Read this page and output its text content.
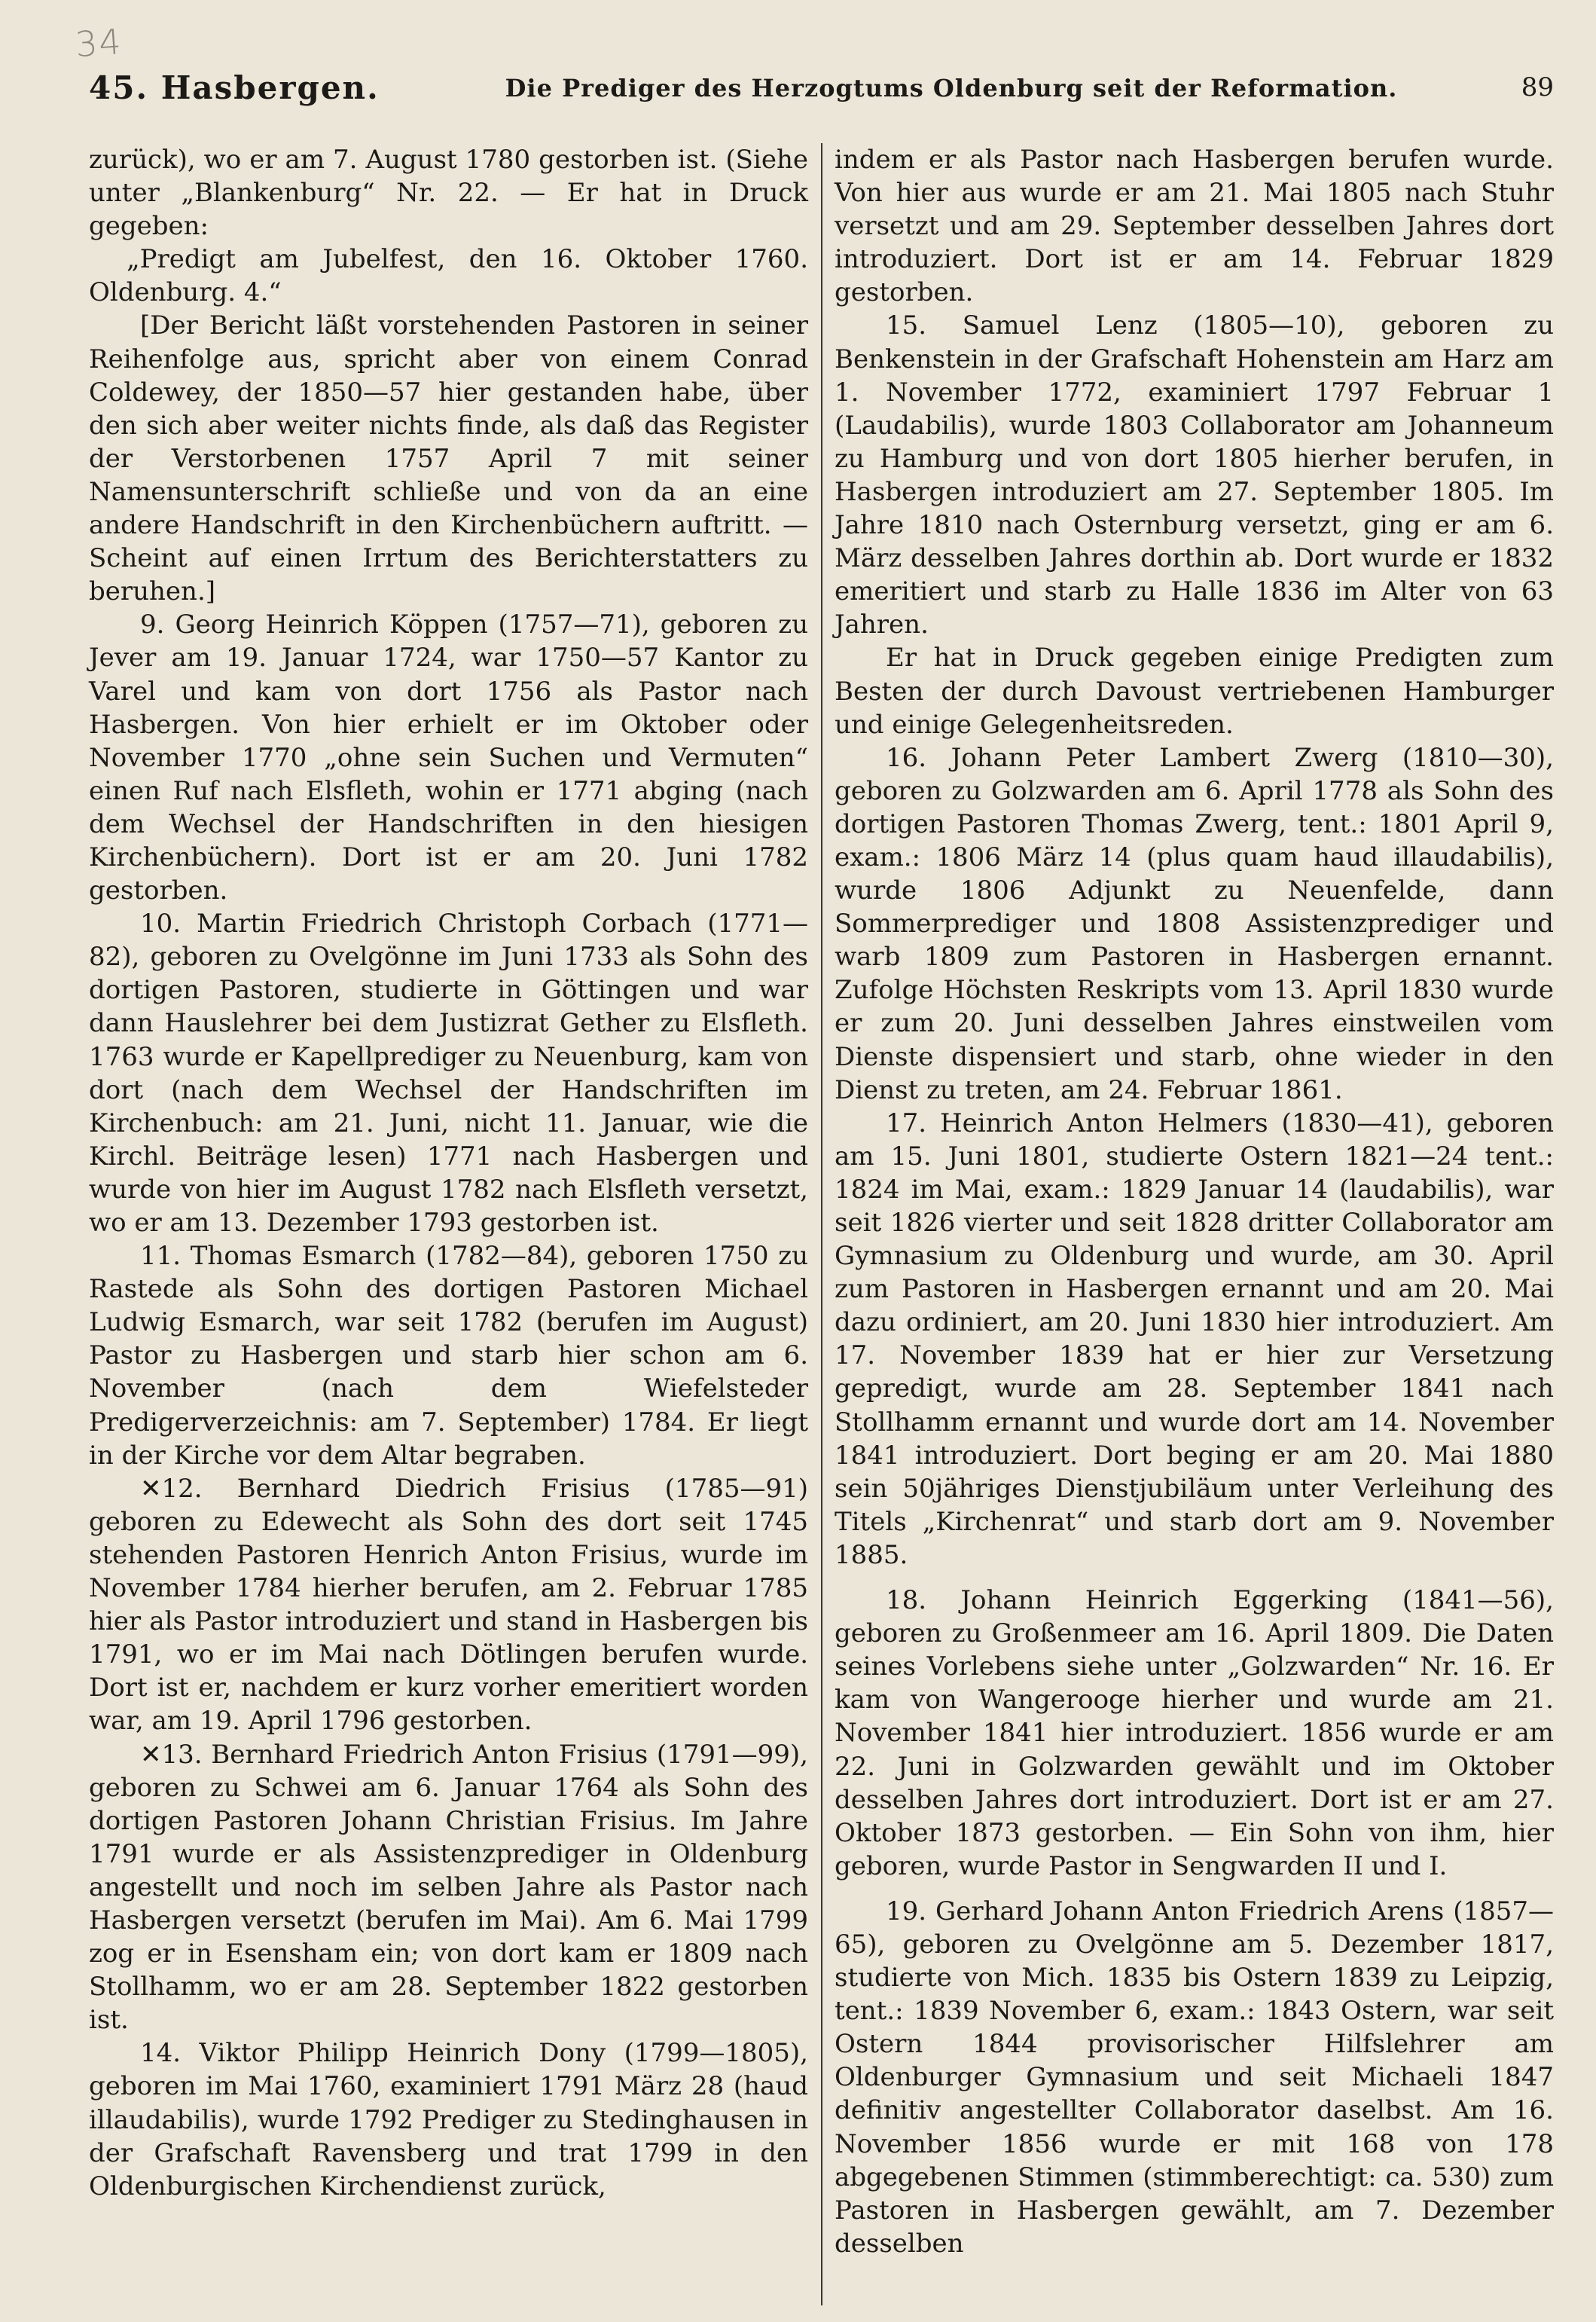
34
45. Hasbergen.	Die Prediger des Herzogtums Oldenburg seit der Reformation.	89

zurück), wo er am 7. August 1780 gestorben ist. (Siehe unter „Blankenburg“ Nr. 22. — Er hat in Druck gegeben:

„Predigt am Jubelfest, den 16. Oktober 1760. Oldenburg. 4.“

[Der Bericht läßt vorstehenden Pastoren in seiner Reihenfolge aus, spricht aber von einem Conrad Coldewey, der 1850—57 hier gestanden habe, über den sich aber weiter nichts finde, als daß das Register der Verstorbenen 1757 April 7 mit seiner Namensunterschrift schließe und von da an eine andere Handschrift in den Kirchenbüchern auftritt. — Scheint auf einen Irrtum des Berichterstatters zu beruhen.]

9. Georg Heinrich Köppen (1757—71), geboren zu Jever am 19. Januar 1724, war 1750—57 Kantor zu Varel und kam von dort 1756 als Pastor nach Hasbergen. Von hier erhielt er im Oktober oder November 1770 „ohne sein Suchen und Vermuten“ einen Ruf nach Elsfleth, wohin er 1771 abging (nach dem Wechsel der Handschriften in den hiesigen Kirchenbüchern). Dort ist er am 20. Juni 1782 gestorben.

10. Martin Friedrich Christoph Corbach (1771—82), geboren zu Ovelgönne im Juni 1733 als Sohn des dortigen Pastoren, studierte in Göttingen und war dann Hauslehrer bei dem Justizrat Gether zu Elsfleth. 1763 wurde er Kapellprediger zu Neuenburg, kam von dort (nach dem Wechsel der Handschriften im Kirchenbuch: am 21. Juni, nicht 11. Januar, wie die Kirchl. Beiträge lesen) 1771 nach Hasbergen und wurde von hier im August 1782 nach Elsfleth versetzt, wo er am 13. Dezember 1793 gestorben ist.

11. Thomas Esmarch (1782—84), geboren 1750 zu Rastede als Sohn des dortigen Pastoren Michael Ludwig Esmarch, war seit 1782 (berufen im August) Pastor zu Hasbergen und starb hier schon am 6. November (nach dem Wiefelsteder Predigerverzeichnis: am 7. September) 1784. Er liegt in der Kirche vor dem Altar begraben.

✕12. Bernhard Diedrich Frisius (1785—91) geboren zu Edewecht als Sohn des dort seit 1745 stehenden Pastoren Henrich Anton Frisius, wurde im November 1784 hierher berufen, am 2. Februar 1785 hier als Pastor introduziert und stand in Hasbergen bis 1791, wo er im Mai nach Dötlingen berufen wurde. Dort ist er, nachdem er kurz vorher emeritiert worden war, am 19. April 1796 gestorben.

✕13. Bernhard Friedrich Anton Frisius (1791—99), geboren zu Schwei am 6. Januar 1764 als Sohn des dortigen Pastoren Johann Christian Frisius. Im Jahre 1791 wurde er als Assistenzprediger in Oldenburg angestellt und noch im selben Jahre als Pastor nach Hasbergen versetzt (berufen im Mai). Am 6. Mai 1799 zog er in Esensham ein; von dort kam er 1809 nach Stollhamm, wo er am 28. September 1822 gestorben ist.

14. Viktor Philipp Heinrich Dony (1799—1805), geboren im Mai 1760, examiniert 1791 März 28 (haud illaudabilis), wurde 1792 Prediger zu Stedinghausen in der Grafschaft Ravensberg und trat 1799 in den Oldenburgischen Kirchendienst zurück,

indem er als Pastor nach Hasbergen berufen wurde. Von hier aus wurde er am 21. Mai 1805 nach Stuhr versetzt und am 29. September desselben Jahres dort introduziert. Dort ist er am 14. Februar 1829 gestorben.

15. Samuel Lenz (1805—10), geboren zu Benkenstein in der Grafschaft Hohenstein am Harz am 1. November 1772, examiniert 1797 Februar 1 (Laudabilis), wurde 1803 Collaborator am Johanneum zu Hamburg und von dort 1805 hierher berufen, in Hasbergen introduziert am 27. September 1805. Im Jahre 1810 nach Osternburg versetzt, ging er am 6. März desselben Jahres dorthin ab. Dort wurde er 1832 emeritiert und starb zu Halle 1836 im Alter von 63 Jahren.

Er hat in Druck gegeben einige Predigten zum Besten der durch Davoust vertriebenen Hamburger und einige Gelegenheitsreden.

16. Johann Peter Lambert Zwerg (1810—30), geboren zu Golzwarden am 6. April 1778 als Sohn des dortigen Pastoren Thomas Zwerg, tent.: 1801 April 9, exam.: 1806 März 14 (plus quam haud illaudabilis), wurde 1806 Adjunkt zu Neuenfelde, dann Sommerprediger und 1808 Assistenzprediger und warb 1809 zum Pastoren in Hasbergen ernannt. Zufolge Höchsten Reskripts vom 13. April 1830 wurde er zum 20. Juni desselben Jahres einstweilen vom Dienste dispensiert und starb, ohne wieder in den Dienst zu treten, am 24. Februar 1861.

17. Heinrich Anton Helmers (1830—41), geboren am 15. Juni 1801, studierte Ostern 1821—24 tent.: 1824 im Mai, exam.: 1829 Januar 14 (laudabilis), war seit 1826 vierter und seit 1828 dritter Collaborator am Gymnasium zu Oldenburg und wurde, am 30. April zum Pastoren in Hasbergen ernannt und am 20. Mai dazu ordiniert, am 20. Juni 1830 hier introduziert. Am 17. November 1839 hat er hier zur Versetzung gepredigt, wurde am 28. September 1841 nach Stollhamm ernannt und wurde dort am 14. November 1841 introduziert. Dort beging er am 20. Mai 1880 sein 50jähriges Dienstjubiläum unter Verleihung des Titels „Kirchenrat“ und starb dort am 9. November 1885.

18. Johann Heinrich Eggerking (1841—56), geboren zu Großenmeer am 16. April 1809. Die Daten seines Vorlebens siehe unter „Golzwarden“ Nr. 16. Er kam von Wangerooge hierher und wurde am 21. November 1841 hier introduziert. 1856 wurde er am 22. Juni in Golzwarden gewählt und im Oktober desselben Jahres dort introduziert. Dort ist er am 27. Oktober 1873 gestorben. — Ein Sohn von ihm, hier geboren, wurde Pastor in Sengwarden II und I.

19. Gerhard Johann Anton Friedrich Arens (1857—65), geboren zu Ovelgönne am 5. Dezember 1817, studierte von Mich. 1835 bis Ostern 1839 zu Leipzig, tent.: 1839 November 6, exam.: 1843 Ostern, war seit Ostern 1844 provisorischer Hilfslehrer am Oldenburger Gymnasium und seit Michaeli 1847 definitiv angestellter Collaborator daselbst. Am 16. November 1856 wurde er mit 168 von 178 abgegebenen Stimmen (stimmberechtigt: ca. 530) zum Pastoren in Hasbergen gewählt, am 7. Dezember desselben
